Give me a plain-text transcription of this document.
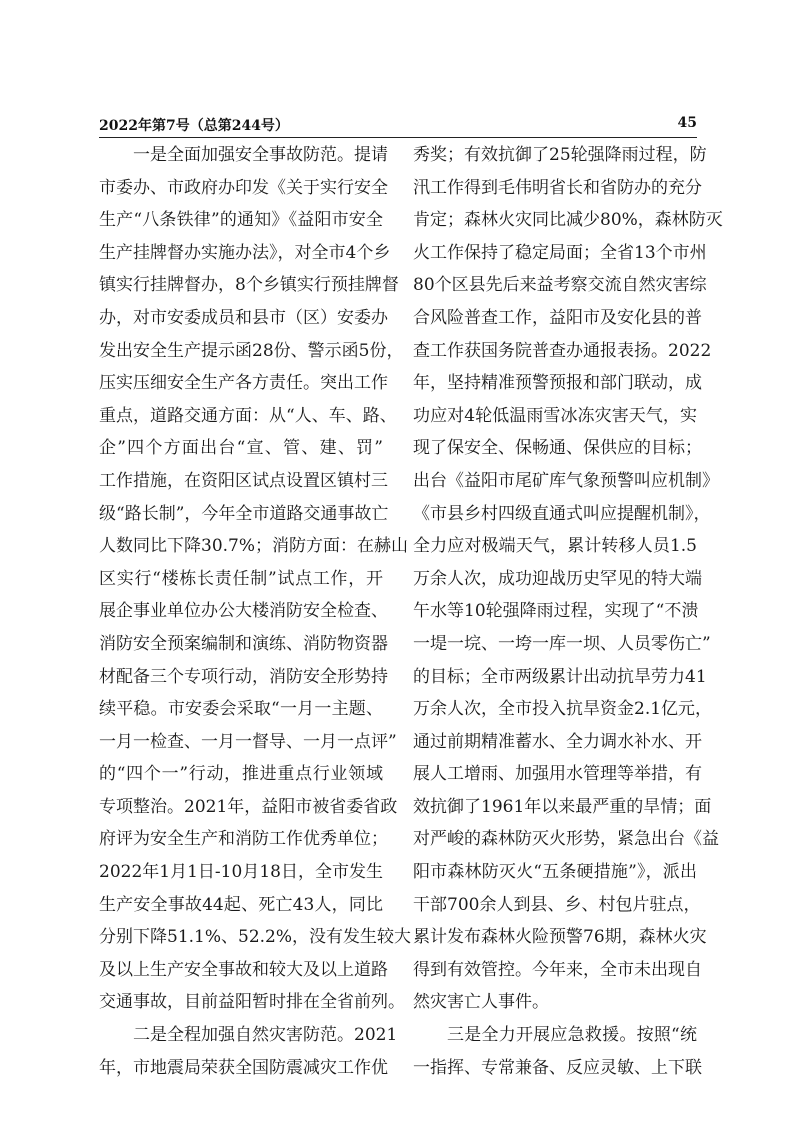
2022年第7号（总第244号）	45
一是全面加强安全事故防范。提请
市委办、市政府办印发《关于实行安全
生产“八条铁律”的通知》《益阳市安全
生产挂牌督办实施办法》，对全市4个乡
镇实行挂牌督办，8个乡镇实行预挂牌督
办，对市安委成员和县市（区）安委办
发出安全生产提示函28份、警示函5份，
压实压细安全生产各方责任。突出工作
重点，道路交通方面：从“人、车、路、
企”四个方面出台“宣、管、建、罚”
工作措施，在资阳区试点设置区镇村三
级“路长制”，今年全市道路交通事故亡
人数同比下降30.7%；消防方面：在赫山
区实行“楼栋长责任制”试点工作，开
展企事业单位办公大楼消防安全检查、
消防安全预案编制和演练、消防物资器
材配备三个专项行动，消防安全形势持
续平稳。市安委会采取“一月一主题、
一月一检查、一月一督导、一月一点评”
的“四个一”行动，推进重点行业领域
专项整治。2021年，益阳市被省委省政
府评为安全生产和消防工作优秀单位；
2022年1月1日-10月18日，全市发生
生产安全事故44起、死亡43人，同比
分别下降51.1%、52.2%，没有发生较大
及以上生产安全事故和较大及以上道路
交通事故，目前益阳暂时排在全省前列。
二是全程加强自然灾害防范。2021
年，市地震局荣获全国防震减灾工作优
秀奖；有效抗御了25轮强降雨过程，防
汛工作得到毛伟明省长和省防办的充分
肯定；森林火灾同比减少80%，森林防灭
火工作保持了稳定局面；全省13个市州
80个区县先后来益考察交流自然灾害综
合风险普查工作，益阳市及安化县的普
查工作获国务院普查办通报表扬。2022
年，坚持精准预警预报和部门联动，成
功应对4轮低温雨雪冰冻灾害天气，实
现了保安全、保畅通、保供应的目标；
出台《益阳市尾矿库气象预警叫应机制》
《市县乡村四级直通式叫应提醒机制》，
全力应对极端天气，累计转移人员1.5
万余人次，成功迎战历史罕见的特大端
午水等10轮强降雨过程，实现了“不溃
一堤一垸、一垮一库一坝、人员零伤亡”
的目标；全市两级累计出动抗旱劳力41
万余人次，全市投入抗旱资金2.1亿元，
通过前期精准蓄水、全力调水补水、开
展人工增雨、加强用水管理等举措，有
效抗御了1961年以来最严重的旱情；面
对严峻的森林防灭火形势，紧急出台《益
阳市森林防灭火“五条硬措施”》，派出
干部700余人到县、乡、村包片驻点，
累计发布森林火险预警76期，森林火灾
得到有效管控。今年来，全市未出现自
然灾害亡人事件。
三是全力开展应急救援。按照“统
一指挥、专常兼备、反应灵敏、上下联
